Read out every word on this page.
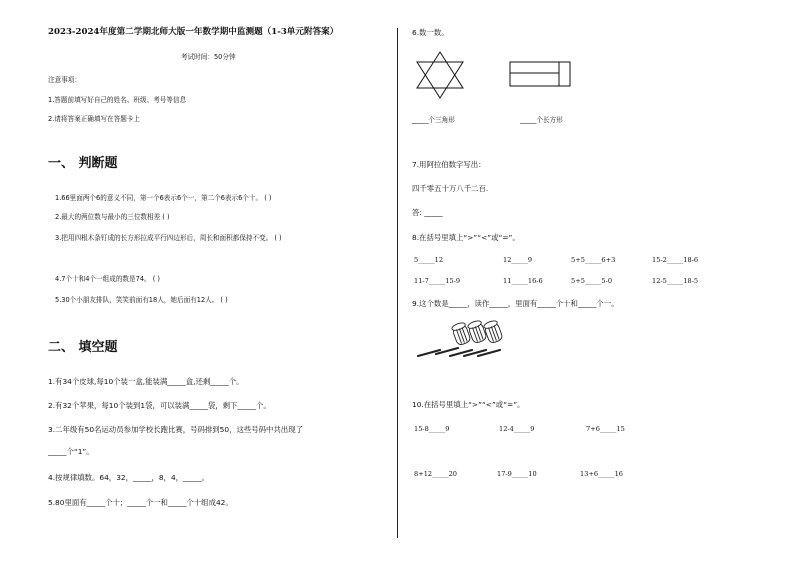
2023-2024年度第二学期北师大版一年数学期中监测题（1-3单元附答案）
考试时间：50分钟
注意事项：
1.答题前填写好自己的姓名、班级、考号等信息
2.请将答案正确填写在答题卡上
一、 判断题
1.66里面两个6的意义不同，第一个6表示6个一，第二个6表示6个十。 ( )
2.最大的两位数与最小的三位数相差 ( )
3.把用四根木条钉成的长方形拉成平行四边形后，周长和面积都保持不变。 ( )
4.7个十和4个一组成的数是74。 ( )
5.30个小朋友排队，笑笑前面有18人，她后面有12人。 ( )
二、 填空题
1.有34个皮球,每10个装一盒,能装满_____盒,还剩_____个。
2.有32个苹果，每10个装到1袋，可以装满_____袋，剩下_____个。
3.二年级有50名运动员参加学校长跑比赛，号码排到50，这些号码中共出现了
_____个“1”。
4.按规律填数。64，32，_____，8，4，_____。
5.80里面有_____个十；_____个一和_____个十组成42。
6.数一数。
_____个三角形	_____个长方形
7.用阿拉伯数字写出：
四千零五十万八千二百.
答: _____
8.在括号里填上“>”“<”或“=”。
5_____12	12_____9	5+5_____6+3	15-2_____18-6
11-7_____15-9	11_____16-6	5+5_____5-0	12-5_____18-5
9.这个数是_____，读作_____，里面有_____个十和_____个一。
10.在括号里填上“>”“<”或“=”。
15-8_____9	12-4_____9	7+6_____15
8+12_____20	17-9_____10	13+6_____16
